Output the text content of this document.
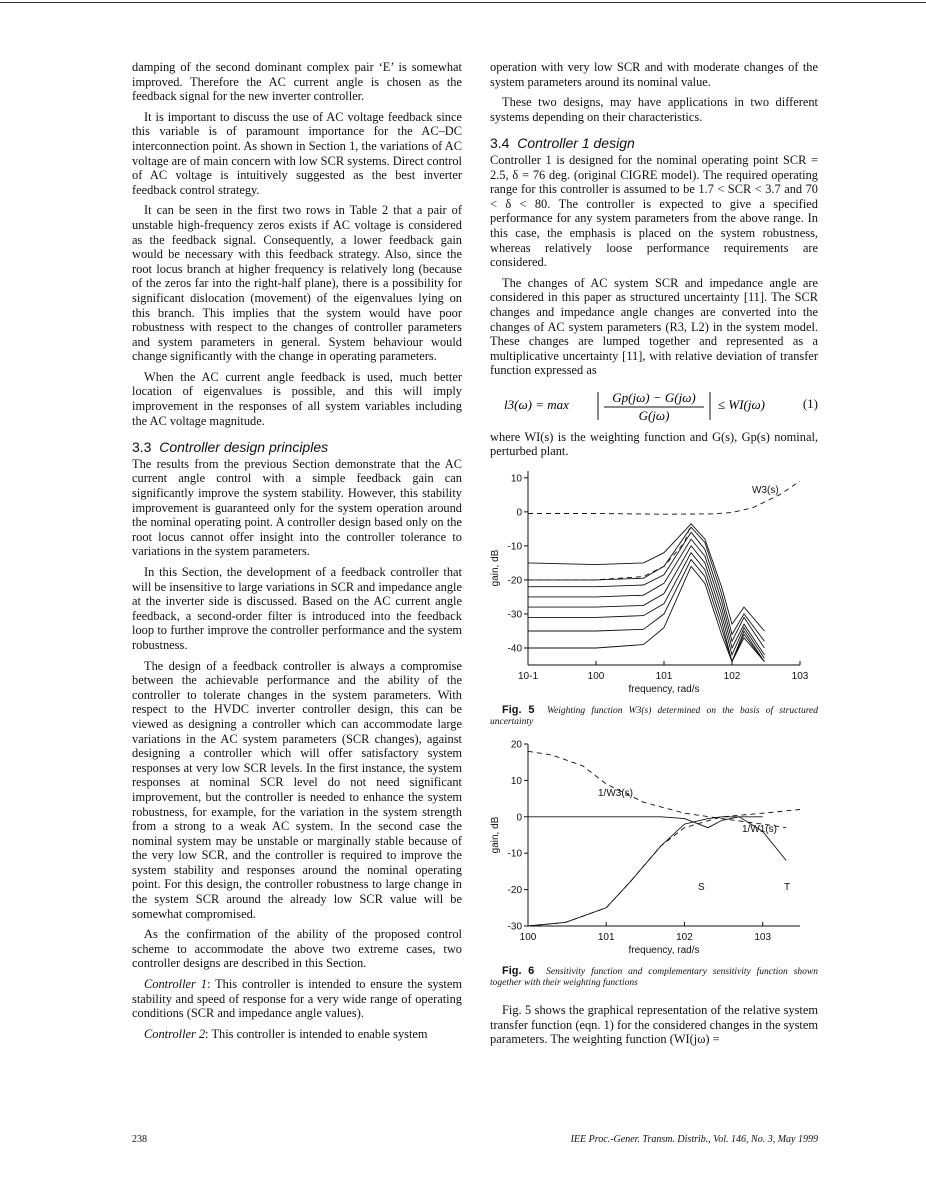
damping of the second dominant complex pair ‘E’ is somewhat improved. Therefore the AC current angle is chosen as the feedback signal for the new inverter controller.

It is important to discuss the use of AC voltage feedback since this variable is of paramount importance for the AC–DC interconnection point. As shown in Section 1, the variations of AC voltage are of main concern with low SCR systems. Direct control of AC voltage is intuitively suggested as the best inverter feedback control strategy.

It can be seen in the first two rows in Table 2 that a pair of unstable high-frequency zeros exists if AC voltage is considered as the feedback signal. Consequently, a lower feedback gain would be necessary with this feedback strategy. Also, since the root locus branch at higher frequency is relatively long (because of the zeros far into the right-half plane), there is a possibility for significant dislocation (movement) of the eigenvalues lying on this branch. This implies that the system would have poor robustness with respect to the changes of controller parameters and system parameters in general. System behaviour would change significantly with the change in operating parameters.

When the AC current angle feedback is used, much better location of eigenvalues is possible, and this will imply improvement in the responses of all system variables including the AC voltage magnitude.

3.3 Controller design principles

The results from the previous Section demonstrate that the AC current angle control with a simple feedback gain can significantly improve the system stability. However, this stability improvement is guaranteed only for the system operation around the nominal operating point. A controller design based only on the root locus cannot offer insight into the controller tolerance to variations in the system parameters.

In this Section, the development of a feedback controller that will be insensitive to large variations in SCR and impedance angle at the inverter side is discussed. Based on the AC current angle feedback, a second-order filter is introduced into the feedback loop to further improve the controller performance and the system robustness.

The design of a feedback controller is always a compromise between the achievable performance and the ability of the controller to tolerate changes in the system parameters. With respect to the HVDC inverter controller design, this can be viewed as designing a controller which can accommodate large variations in the AC system parameters (SCR changes), against designing a controller which will offer satisfactory system responses at very low SCR levels. In the first instance, the system responses at nominal SCR level do not need significant improvement, but the controller is needed to enhance the system robustness, for example, for the variation in the system strength from a strong to a weak AC system. In the second case the nominal system may be unstable or marginally stable because of the very low SCR, and the controller is required to improve the system stability and responses around the nominal operating point. For this design, the controller robustness to large change in the system SCR around the already low SCR value will be somewhat compromised.

As the confirmation of the ability of the proposed control scheme to accommodate the above two extreme cases, two controller designs are described in this Section.

Controller 1: This controller is intended to ensure the system stability and speed of response for a very wide range of operating conditions (SCR and impedance angle values).

Controller 2: This controller is intended to enable system

operation with very low SCR and with moderate changes of the system parameters around its nominal value.

These two designs, may have applications in two different systems depending on their characteristics.

3.4 Controller 1 design

Controller 1 is designed for the nominal operating point SCR = 2.5, δ = 76 deg. (original CIGRE model). The required operating range for this controller is assumed to be 1.7 < SCR < 3.7 and 70 < δ < 80. The controller is expected to give a specified performance for any system parameters from the above range. In this case, the emphasis is placed on the system robustness, whereas relatively loose performance requirements are considered.

The changes of AC system SCR and impedance angle are considered in this paper as structured uncertainty [11]. The SCR changes and impedance angle changes are converted into the changes of AC system parameters (R3, L2) in the system model. These changes are lumped together and represented as a multiplicative uncertainty [11], with relative deviation of transfer function expressed as

l3(ω) = max	Gp(jω) − G(jω)
G(jω)
≤ WI(jω)	(1)

where WI(s) is the weighting function and G(s), Gp(s) nominal, perturbed plant.

10
0
-10
-20
-30
-40
10-1	100	101	102	103
frequency, rad/s
gain, dB
W3(s)

Fig. 5 Weighting function W3(s) determined on the basis of structured uncertainty

20
10
0
-10
-20
-30
100	101	102	103
frequency, rad/s
gain, dB
1/W3(s)
1/W1(s)
S	T

Fig. 6 Sensitivity function and complementary sensitivity function shown together with their weighting functions

Fig. 5 shows the graphical representation of the relative system transfer function (eqn. 1) for the considered changes in the system parameters. The weighting function (WI(jω) =

238	IEE Proc.-Gener. Transm. Distrib., Vol. 146, No. 3, May 1999
